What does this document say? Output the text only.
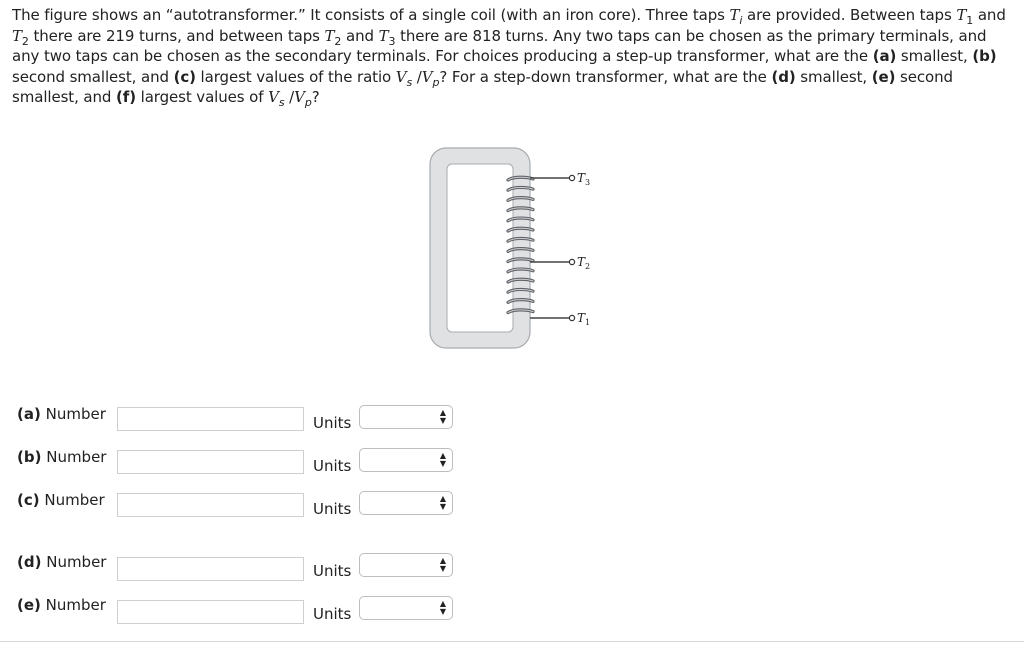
The figure shows an “autotransformer.” It consists of a single coil (with an iron core). Three taps $T_i$ are provided. Between taps $T_1$ and $T_2$ there are 219 turns, and between taps $T_2$ and $T_3$ there are 818 turns. Any two taps can be chosen as the primary terminals, and any two taps can be chosen as the secondary terminals. For choices producing a step-up transformer, what are the (a) smallest, (b) second smallest, and (c) largest values of the ratio $V_s$ $/V_p$? For a step-down transformer, what are the (d) smallest, (e) second smallest, and (f) largest values of $V_s$ $/V_p$?
$T_3$
$T_2$
$T_1$
(a) Number	Units
▲
▼
(b) Number	Units
▲
▼
(c) Number	Units
▲
▼
(d) Number	Units
▲
▼
(e) Number	Units
▲
▼
